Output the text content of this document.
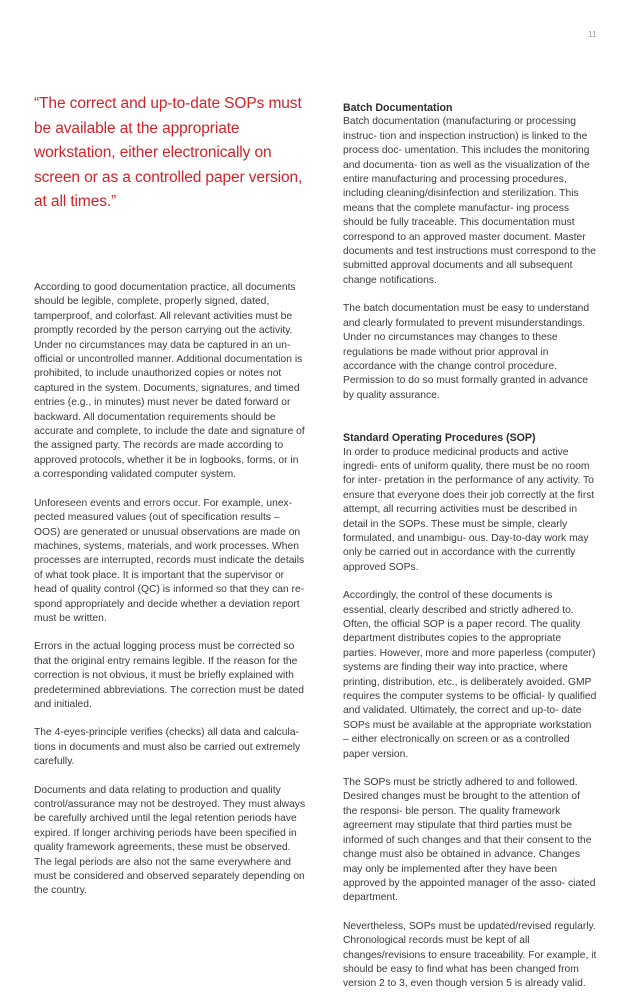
11
“The correct and up-to-date SOPs must be available at the appropriate workstation, either electronically on screen or as a controlled paper version, at all times.”

According to good documentation practice, all documents should be legible, complete, properly signed, dated, tamperproof, and colorfast. All relevant activities must be promptly recorded by the person carrying out the activity. Under no circumstances may data be captured in an un- official or uncontrolled manner. Additional documentation is prohibited, to include unauthorized copies or notes not captured in the system. Documents, signatures, and timed entries (e.g., in minutes) must never be dated forward or backward. All documentation requirements should be accurate and complete, to include the date and signature of the assigned party. The records are made according to approved protocols, whether it be in logbooks, forms, or in a corresponding validated computer system.

Unforeseen events and errors occur. For example, unex- pected measured values (out of specification results – OOS) are generated or unusual observations are made on machines, systems, materials, and work processes. When processes are interrupted, records must indicate the details of what took place. It is important that the supervisor or head of quality control (QC) is informed so that they can re- spond appropriately and decide whether a deviation report must be written.

Errors in the actual logging process must be corrected so that the original entry remains legible. If the reason for the correction is not obvious, it must be briefly explained with predetermined abbreviations. The correction must be dated and initialed.

The 4-eyes-principle verifies (checks) all data and calcula- tions in documents and must also be carried out extremely carefully.

Documents and data relating to production and quality control/assurance may not be destroyed. They must always be carefully archived until the legal retention periods have expired. If longer archiving periods have been specified in quality framework agreements, these must be observed. The legal periods are also not the same everywhere and must be considered and observed separately depending on the country.

Batch Documentation

Batch documentation (manufacturing or processing instruc- tion and inspection instruction) is linked to the process doc- umentation. This includes the monitoring and documenta- tion as well as the visualization of the entire manufacturing and processing procedures, including cleaning/disinfection and sterilization. This means that the complete manufactur- ing process should be fully traceable. This documentation must correspond to an approved master document. Master documents and test instructions must correspond to the submitted approval documents and all subsequent change notifications.

The batch documentation must be easy to understand and clearly formulated to prevent misunderstandings. Under no circumstances may changes to these regulations be made without prior approval in accordance with the change control procedure. Permission to do so must formally granted in advance by quality assurance.

Standard Operating Procedures (SOP)

In order to produce medicinal products and active ingredi- ents of uniform quality, there must be no room for inter- pretation in the performance of any activity. To ensure that everyone does their job correctly at the first attempt, all recurring activities must be described in detail in the SOPs. These must be simple, clearly formulated, and unambigu- ous. Day-to-day work may only be carried out in accordance with the currently approved SOPs.

Accordingly, the control of these documents is essential, clearly described and strictly adhered to. Often, the official SOP is a paper record. The quality department distributes copies to the appropriate parties. However, more and more paperless (computer) systems are finding their way into practice, where printing, distribution, etc., is deliberately avoided. GMP requires the computer systems to be official- ly qualified and validated. Ultimately, the correct and up-to- date SOPs must be available at the appropriate workstation – either electronically on screen or as a controlled paper version.

The SOPs must be strictly adhered to and followed. Desired changes must be brought to the attention of the responsi- ble person. The quality framework agreement may stipulate that third parties must be informed of such changes and that their consent to the change must also be obtained in advance. Changes may only be implemented after they have been approved by the appointed manager of the asso- ciated department.

Nevertheless, SOPs must be updated/revised regularly. Chronological records must be kept of all changes/revisions to ensure traceability. For example, it should be easy to find what has been changed from version 2 to 3, even though version 5 is already valid.
